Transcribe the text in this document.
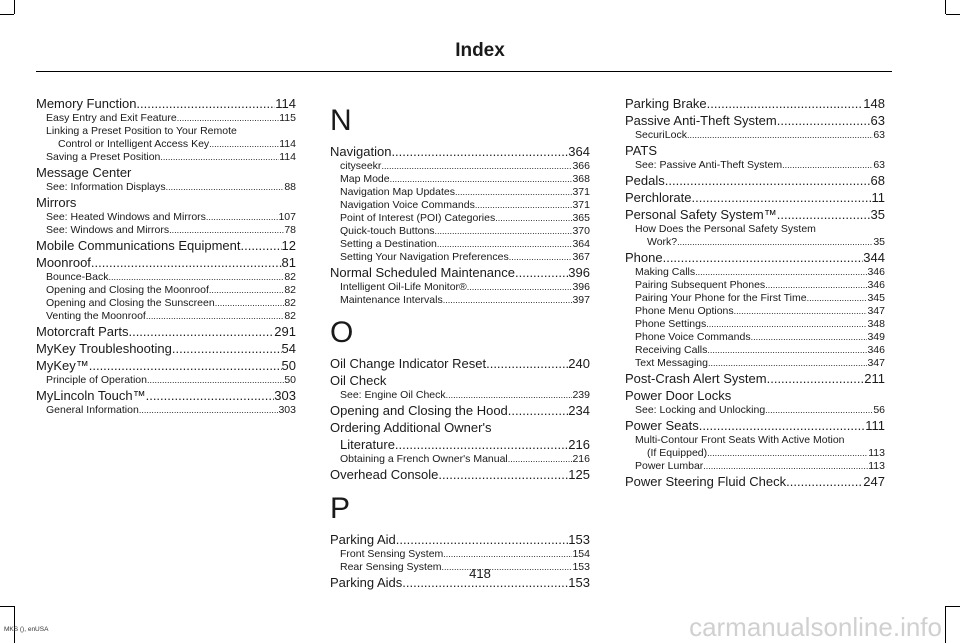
Index
Memory Function .....	114
Easy Entry and Exit Feature .....	115
Linking a Preset Position to Your Remote
Control or Intelligent Access Key .....	114
Saving a Preset Position .....	114
Message Center
See: Information Displays .....	88
Mirrors
See: Heated Windows and Mirrors .....	107
See: Windows and Mirrors .....	78
Mobile Communications Equipment .....	12
Moonroof .....	81
Bounce-Back .....	82
Opening and Closing the Moonroof .....	82
Opening and Closing the Sunscreen .....	82
Venting the Moonroof .....	82
Motorcraft Parts .....	291
MyKey Troubleshooting .....	54
MyKey™ .....	50
Principle of Operation .....	50
MyLincoln Touch™ .....	303
General Information .....	303
N
Navigation .....	364
cityseekr .....	366
Map Mode .....	368
Navigation Map Updates .....	371
Navigation Voice Commands .....	371
Point of Interest (POI) Categories .....	365
Quick-touch Buttons .....	370
Setting a Destination .....	364
Setting Your Navigation Preferences .....	367
Normal Scheduled Maintenance .....	396
Intelligent Oil-Life Monitor® .....	396
Maintenance Intervals .....	397
O
Oil Change Indicator Reset .....	240
Oil Check
See: Engine Oil Check .....	239
Opening and Closing the Hood .....	234
Ordering Additional Owner's
Literature .....	216
Obtaining a French Owner's Manual .....	216
Overhead Console .....	125
P
Parking Aid .....	153
Front Sensing System .....	154
Rear Sensing System .....	153
Parking Aids .....	153
Parking Brake .....	148
Passive Anti-Theft System .....	63
SecuriLock .....	63
PATS
See: Passive Anti-Theft System .....	63
Pedals .....	68
Perchlorate .....	11
Personal Safety System™ .....	35
How Does the Personal Safety System
Work? .....	35
Phone .....	344
Making Calls .....	346
Pairing Subsequent Phones .....	346
Pairing Your Phone for the First Time .....	345
Phone Menu Options .....	347
Phone Settings .....	348
Phone Voice Commands .....	349
Receiving Calls .....	346
Text Messaging .....	347
Post-Crash Alert System .....	211
Power Door Locks
See: Locking and Unlocking .....	56
Power Seats .....	111
Multi-Contour Front Seats With Active Motion
(If Equipped) .....	113
Power Lumbar .....	113
Power Steering Fluid Check .....	247
418
MKS (), enUSA	carmanualsonline.info
